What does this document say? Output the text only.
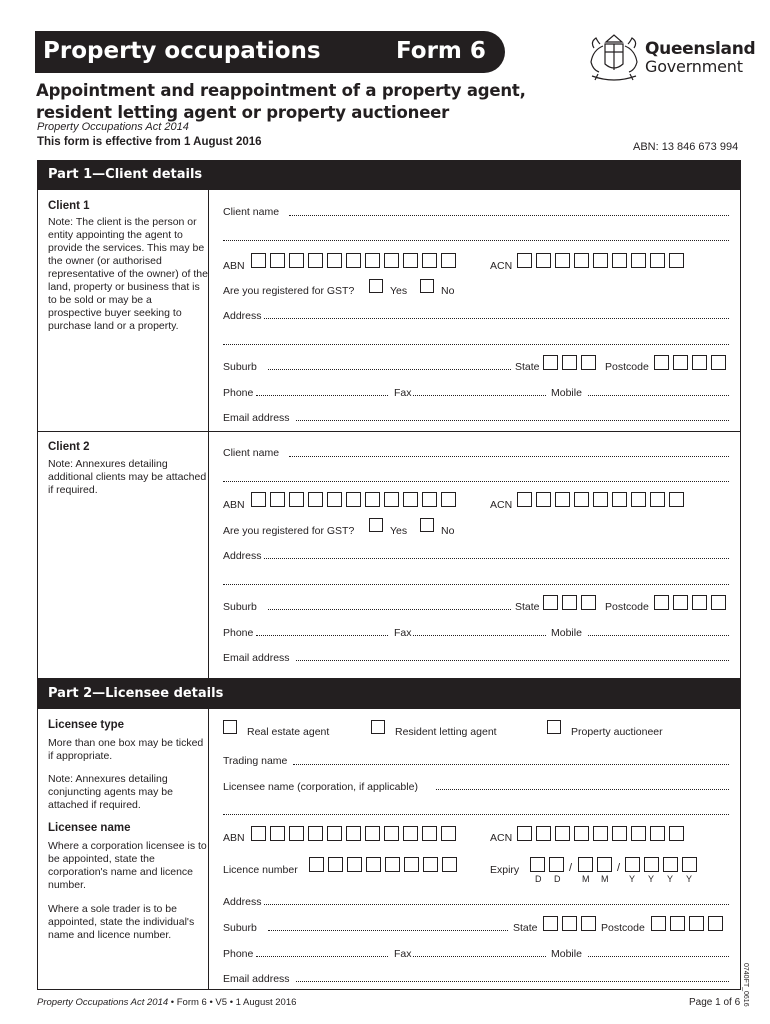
Property occupations	Form 6	Queensland
Government
Appointment and reappointment of a property agent,
resident letting agent or property auctioneer
Property Occupations Act 2014
This form is effective from 1 August 2016	ABN: 13 846 673 994
Part 1—Client details
Client 1
Note: The client is the person or entity appointing the agent to provide the services. This may be the owner (or authorised representative of the owner) of the land, property or business that is to be sold or may be a prospective buyer seeking to purchase land or a property.
Client name
ABN	ACN
Are you registered for GST?	Yes	No
Address
Suburb	State	Postcode
Phone	Fax	Mobile
Email address
Client 2
Note: Annexures detailing additional clients may be attached if required.
Client name
ABN	ACN
Are you registered for GST?	Yes	No
Address
Suburb	State	Postcode
Phone	Fax	Mobile
Email address
Part 2—Licensee details
Licensee type
More than one box may be ticked if appropriate.
Note: Annexures detailing conjuncting agents may be attached if required.
Licensee name
Where a corporation licensee is to be appointed, state the corporation's name and licence number.
Where a sole trader is to be appointed, state the individual's name and licence number.
Real estate agent	Resident letting agent	Property auctioneer
Trading name
Licensee name (corporation, if applicable)
ABN	ACN
Licence number	Expiry	/	/
D D M M Y Y Y Y
Address
Suburb	State	Postcode
Phone	Fax	Mobile
Email address
Property Occupations Act 2014 • Form 6 • V5 • 1 August 2016	Page 1 of 6 0740FT_0616
